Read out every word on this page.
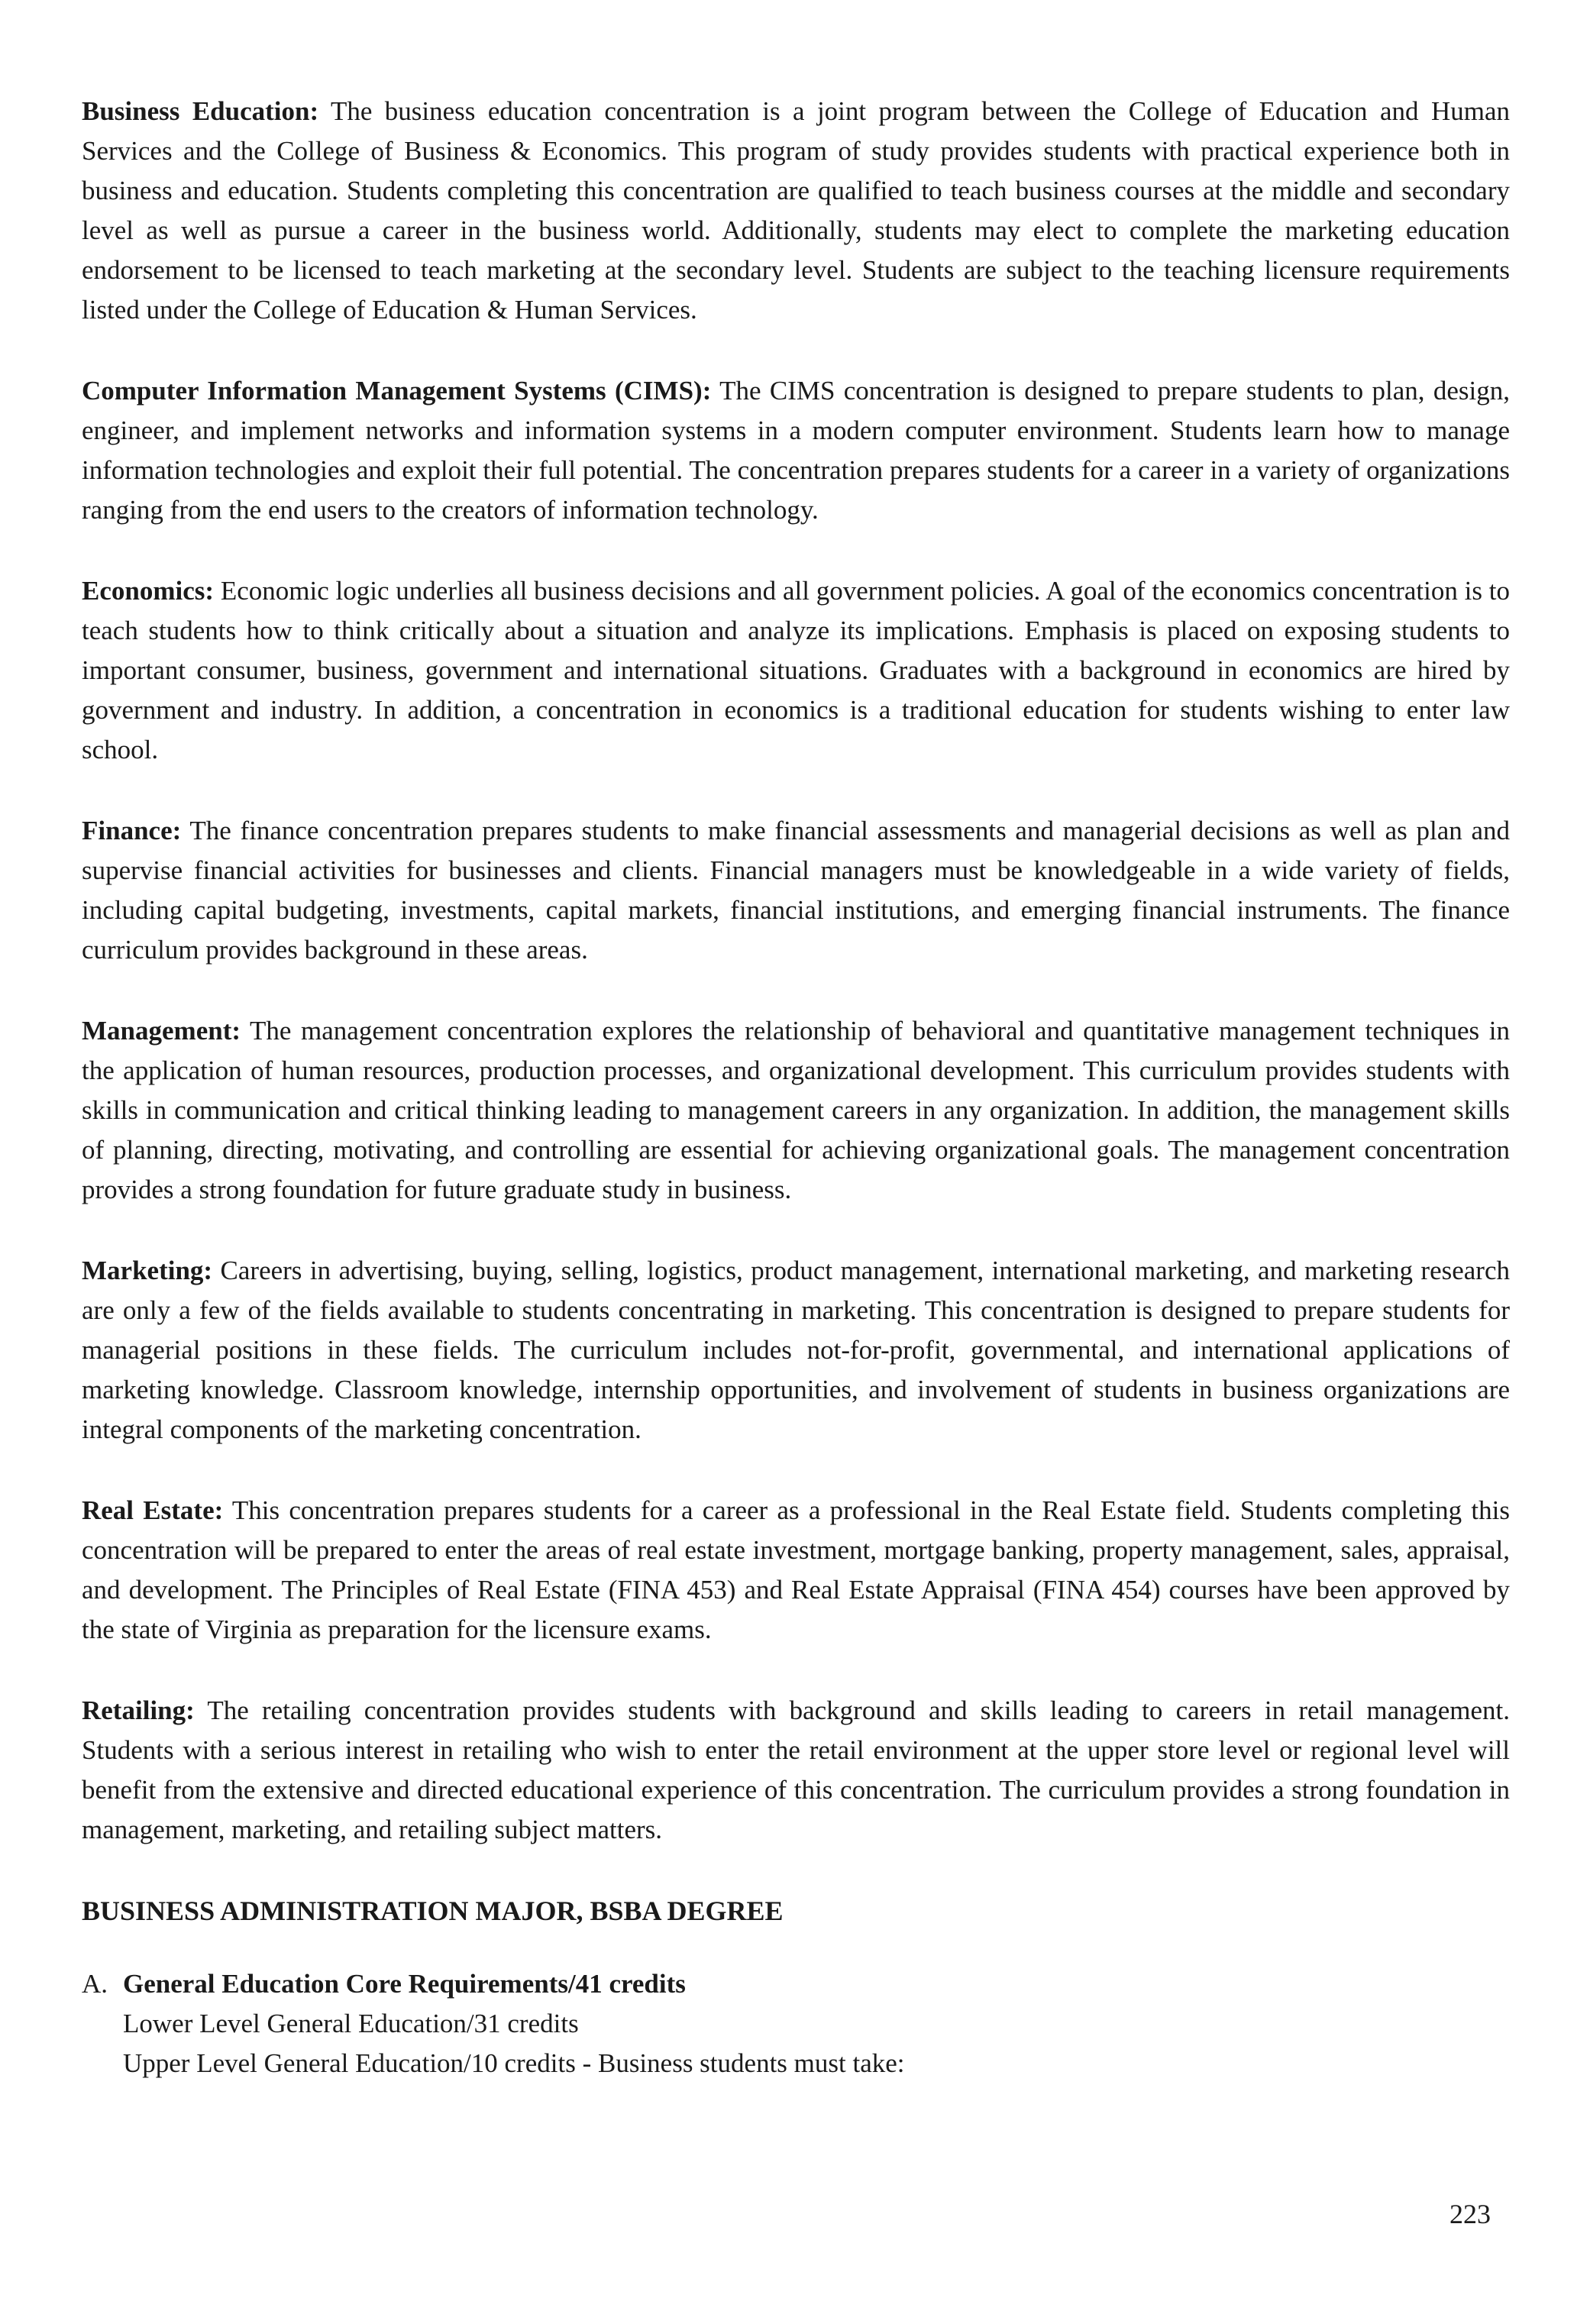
Business Education: The business education concentration is a joint program between the College of Education and Human Services and the College of Business & Economics. This program of study provides students with practical experience both in business and education. Students completing this concentration are qualified to teach business courses at the middle and secondary level as well as pursue a career in the business world. Additionally, students may elect to complete the marketing education endorsement to be licensed to teach marketing at the secondary level. Students are subject to the teaching licensure requirements listed under the College of Education & Human Services.

Computer Information Management Systems (CIMS): The CIMS concentration is designed to prepare students to plan, design, engineer, and implement networks and information systems in a modern computer environment. Students learn how to manage information technologies and exploit their full potential. The concentration prepares students for a career in a variety of organizations ranging from the end users to the creators of information technology.

Economics: Economic logic underlies all business decisions and all government policies. A goal of the economics concentration is to teach students how to think critically about a situation and analyze its implications. Emphasis is placed on exposing students to important consumer, business, government and international situations. Graduates with a background in economics are hired by government and industry. In addition, a concentration in economics is a traditional education for students wishing to enter law school.

Finance: The finance concentration prepares students to make financial assessments and managerial decisions as well as plan and supervise financial activities for businesses and clients. Financial managers must be knowledgeable in a wide variety of fields, including capital budgeting, investments, capital markets, financial institutions, and emerging financial instruments. The finance curriculum provides background in these areas.

Management: The management concentration explores the relationship of behavioral and quantitative management techniques in the application of human resources, production processes, and organizational development. This curriculum provides students with skills in communication and critical thinking leading to management careers in any organization. In addition, the management skills of planning, directing, motivating, and controlling are essential for achieving organizational goals. The management concentration provides a strong foundation for future graduate study in business.

Marketing: Careers in advertising, buying, selling, logistics, product management, international marketing, and marketing research are only a few of the fields available to students concentrating in marketing. This concentration is designed to prepare students for managerial positions in these fields. The curriculum includes not-for-profit, governmental, and international applications of marketing knowledge. Classroom knowledge, internship opportunities, and involvement of students in business organizations are integral components of the marketing concentration.

Real Estate: This concentration prepares students for a career as a professional in the Real Estate field. Students completing this concentration will be prepared to enter the areas of real estate investment, mortgage banking, property management, sales, appraisal, and development. The Principles of Real Estate (FINA 453) and Real Estate Appraisal (FINA 454) courses have been approved by the state of Virginia as preparation for the licensure exams.

Retailing: The retailing concentration provides students with background and skills leading to careers in retail management. Students with a serious interest in retailing who wish to enter the retail environment at the upper store level or regional level will benefit from the extensive and directed educational experience of this concentration. The curriculum provides a strong foundation in management, marketing, and retailing subject matters.

BUSINESS ADMINISTRATION MAJOR, BSBA DEGREE
A. General Education Core Requirements/41 credits
Lower Level General Education/31 credits
Upper Level General Education/10 credits - Business students must take:
223
